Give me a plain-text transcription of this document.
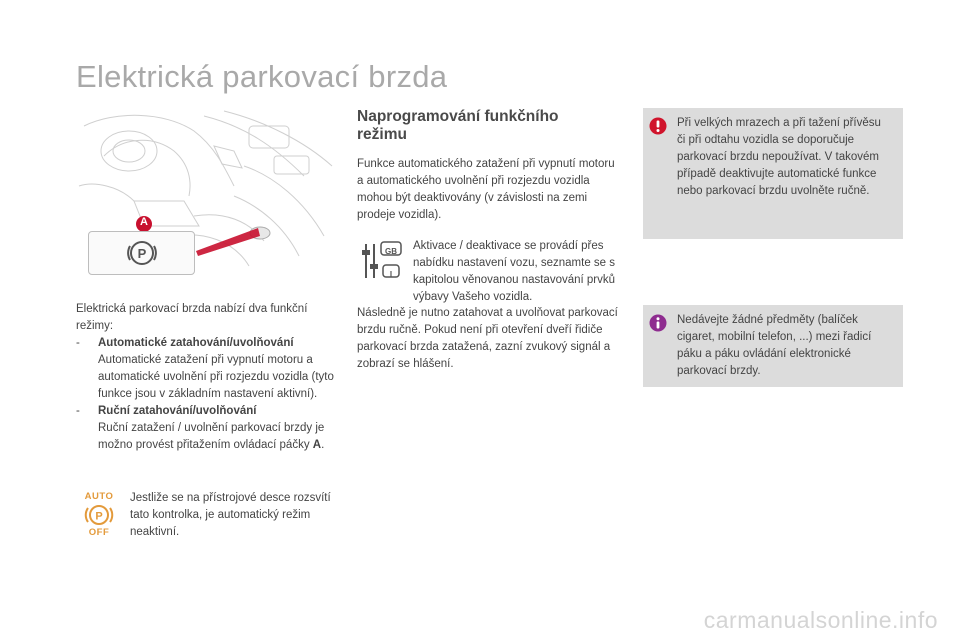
Elektrická parkovací brzda
A
P

Elektrická parkovací brzda nabízí dva funkční režimy:

- Automatické zatahování/uvolňování
Automatické zatažení při vypnutí motoru a automatické uvolnění při rozjezdu vozidla (tyto funkce jsou v základním nastavení aktivní).
- Ruční zatahování/uvolňování
Ruční zatažení / uvolnění parkovací brzdy je možno provést přitažením ovládací páčky A.
AUTO
P
OFF
Jestliže se na přístrojové desce rozsvítí tato kontrolka, je automatický režim neaktivní.
Naprogramování funkčního režimu

Funkce automatického zatažení při vypnutí motoru a automatického uvolnění při rozjezdu vozidla mohou být deaktivovány (v závislosti na zemi prodeje vozidla).

GB
I
Aktivace / deaktivace se provádí přes nabídku nastavení vozu, seznamte se s kapitolou věnovanou nastavování prvků výbavy Vašeho vozidla.
Následně je nutno zatahovat a uvolňovat parkovací brzdu ručně. Pokud není při otevření dveří řidiče parkovací brzda zatažená, zazní zvukový signál a zobrazí se hlášení.
Při velkých mrazech a při tažení přívěsu či při odtahu vozidla se doporučuje parkovací brzdu nepoužívat. V takovém případě deaktivujte automatické funkce nebo parkovací brzdu uvolněte ručně.
Nedávejte žádné předměty (balíček cigaret, mobilní telefon, ...) mezi řadicí páku a páku ovládání elektronické parkovací brzdy.
carmanualsonline.info
